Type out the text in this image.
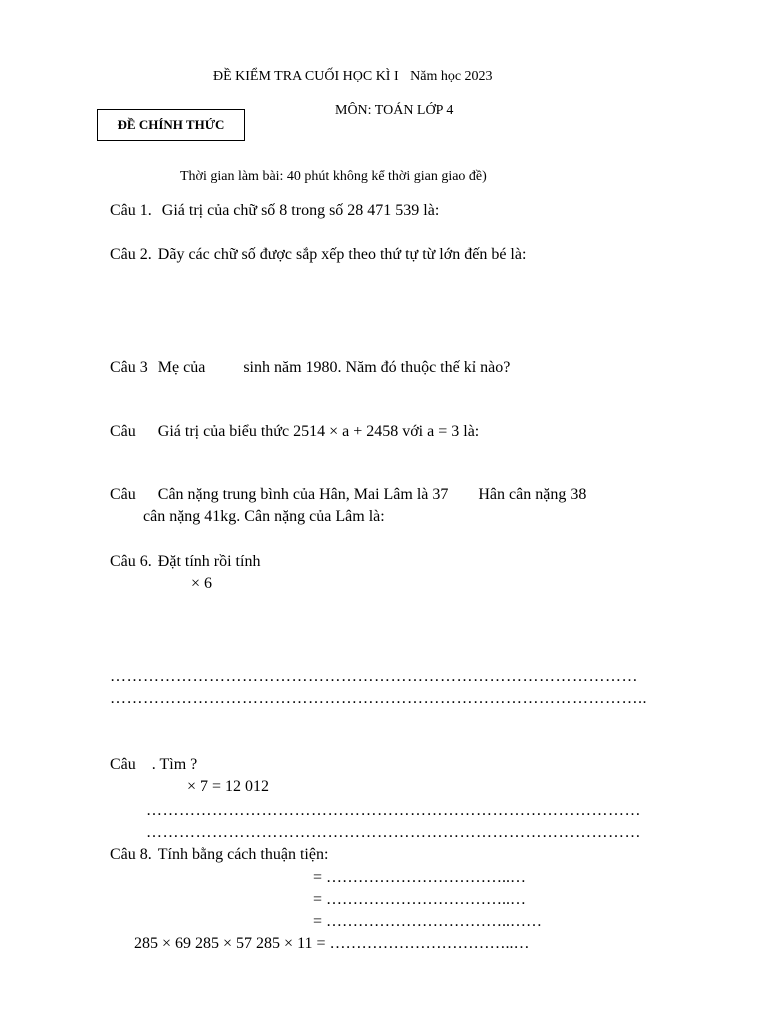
ĐỀ KIỂM TRA CUỐI HỌC KÌ I Năm học 2023
MÔN: TOÁN LỚP 4
ĐỀ CHÍNH THỨC
Thời gian làm bài: 40 phút không kể thời gian giao đề)
Câu 1. Giá trị của chữ số 8 trong số 28 471 539 là:
Câu 2. Dãy các chữ số được sắp xếp theo thứ tự từ lớn đến bé là:
Câu 3 Mẹ của sinh năm 1980. Năm đó thuộc thế kỉ nào?
Câu Giá trị của biểu thức 2514 × a + 2458 với a = 3 là:
Câu Cân nặng trung bình của Hân, Mai Lâm là 37 Hân cân nặng 38
cân nặng 41kg. Cân nặng của Lâm là:
Câu 6. Đặt tính rồi tính
× 6
……………………………………………………………………………………
……………………………………………………………………………………..
Câu . Tìm ?
× 7 = 12 012
………………………………………………………………………………
………………………………………………………………………………
Câu 8. Tính bằng cách thuận tiện:
= ……………………………..…
= ……………………………..…
= ……………………………..……
285 × 69 285 × 57 285 × 11 = ……………………………..…
